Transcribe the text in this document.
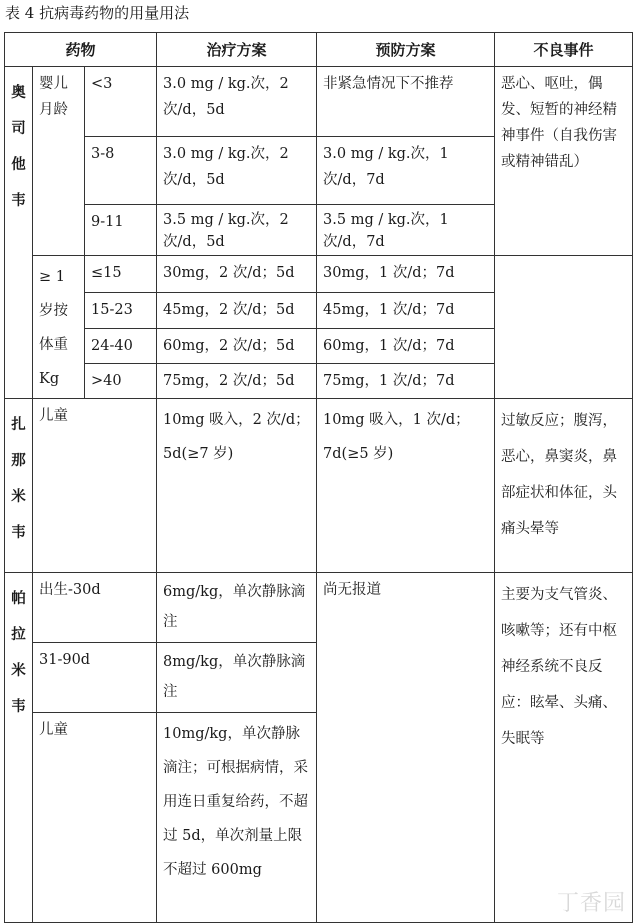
表 4 抗病毒药物的用量用法
药物			治疗方案	预防方案	不良事件

奥
司
他
韦	婴儿月龄	<3	3.0 mg / kg.次，2次/d，5d	非紧急情况下不推荐	恶心、呕吐，偶发、短暂的神经精神事件（自我伤害或精神错乱）
		3-8	3.0 mg / kg.次，2次/d，5d	3.0 mg / kg.次，1次/d，7d	
		9-11	3.5 mg / kg.次，2次/d，5d	3.5 mg / kg.次，1次/d，7d	
	≥ 1岁按体重Kg	≤15	30mg，2 次/d；5d	30mg，1 次/d；7d	
		15-23	45mg，2 次/d；5d	45mg，1 次/d；7d	
		24-40	60mg，2 次/d；5d	60mg，1 次/d；7d	
		>40	75mg，2 次/d；5d	75mg，1 次/d；7d	

扎
那
米
韦	儿童		10mg 吸入，2 次/d；5d(≥7 岁)	10mg 吸入，1 次/d；7d(≥5 岁)	过敏反应；腹泻，恶心，鼻窦炎，鼻部症状和体征，头痛头晕等

帕
拉
米
韦	出生-30d		6mg/kg，单次静脉滴注	尚无报道	主要为支气管炎、咳嗽等；还有中枢神经系统不良反应：眩晕、头痛、失眠等
	31-90d		8mg/kg，单次静脉滴注		
	儿童		10mg/kg，单次静脉滴注；可根据病情，采用连日重复给药，不超过 5d，单次剂量上限不超过 600mg		
丁香园
